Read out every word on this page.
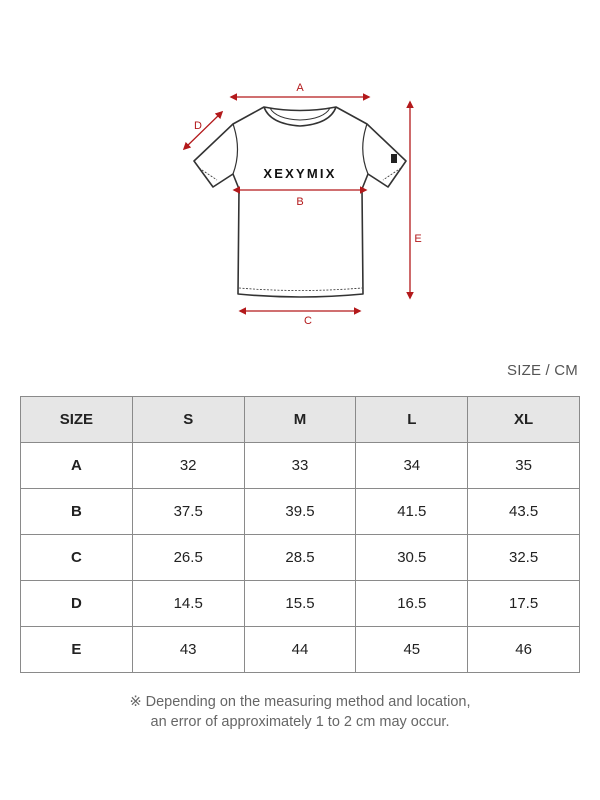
XEXYMIX
A
D
B
C
E
SIZE / CM
SIZE	S	M	L	XL
A	32	33	34	35
B	37.5	39.5	41.5	43.5
C	26.5	28.5	30.5	32.5
D	14.5	15.5	16.5	17.5
E	43	44	45	46
※ Depending on the measuring method and location,
an error of approximately 1 to 2 cm may occur.
